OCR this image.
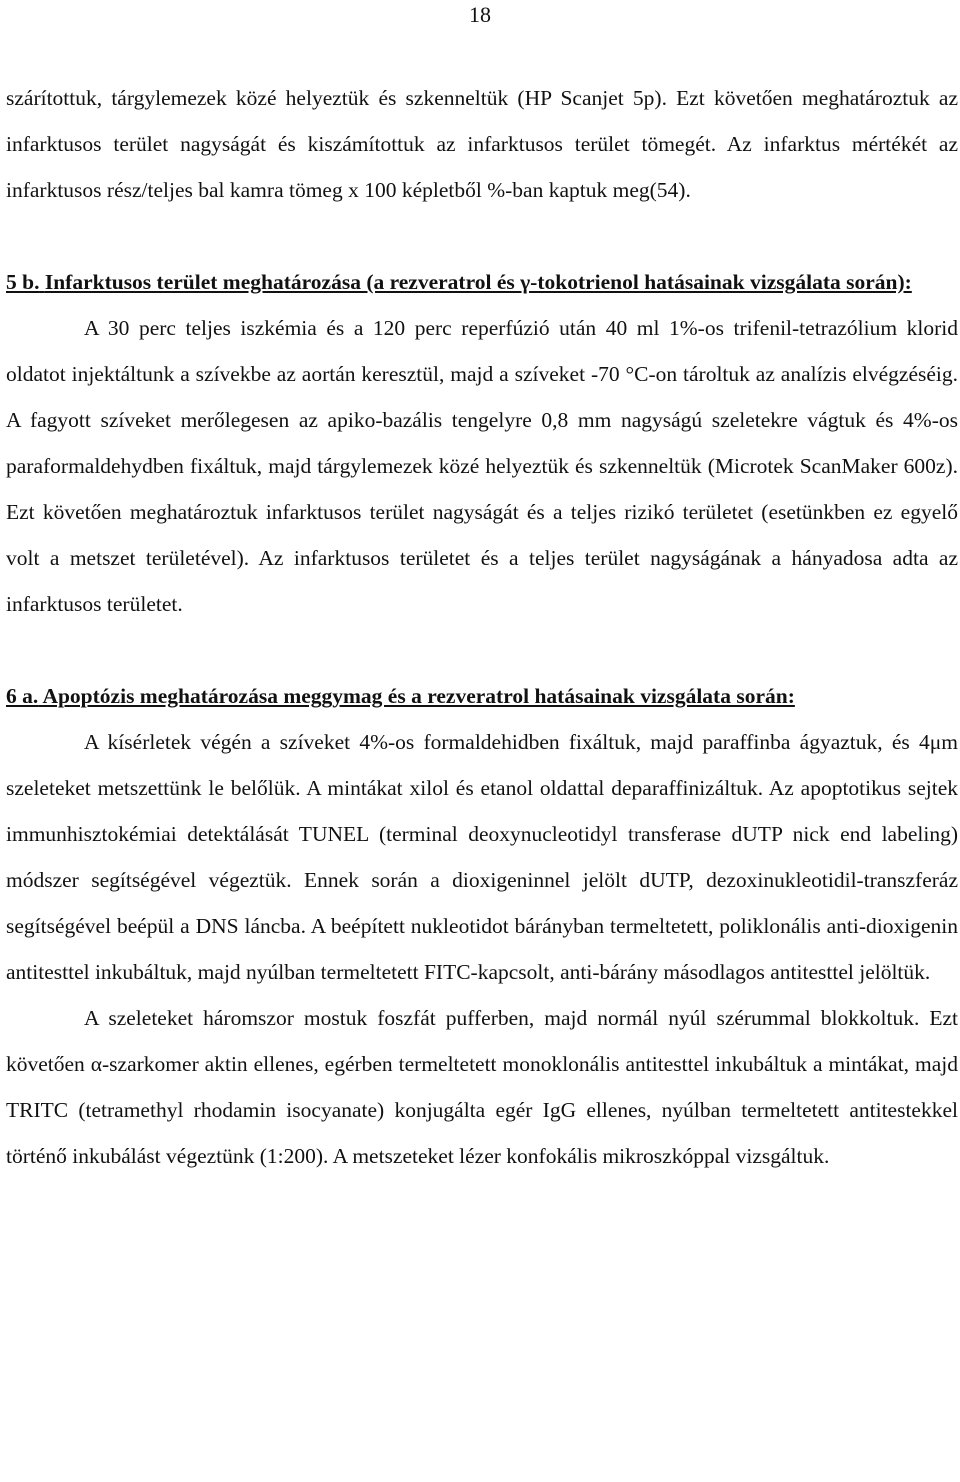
18

szárítottuk, tárgylemezek közé helyeztük és szkenneltük (HP Scanjet 5p). Ezt követően meghatároztuk az infarktusos terület nagyságát és kiszámítottuk az infarktusos terület tömegét. Az infarktus mértékét az infarktusos rész/teljes bal kamra tömeg x 100 képletből %-ban kaptuk meg(54).

5 b. Infarktusos terület meghatározása (a rezveratrol és γ-tokotrienol hatásainak vizsgálata során):

A 30 perc teljes iszkémia és a 120 perc reperfúzió után 40 ml 1%-os trifenil-tetrazólium klorid oldatot injektáltunk a szívekbe az aortán keresztül, majd a szíveket -70 °C-on tároltuk az analízis elvégzéséig. A fagyott szíveket merőlegesen az apiko-bazális tengelyre 0,8 mm nagyságú szeletekre vágtuk és 4%-os paraformaldehydben fixáltuk, majd tárgylemezek közé helyeztük és szkenneltük (Microtek ScanMaker 600z). Ezt követően meghatároztuk infarktusos terület nagyságát és a teljes rizikó területet (esetünkben ez egyelő volt a metszet területével). Az infarktusos területet és a teljes terület nagyságának a hányadosa adta az infarktusos területet.

6 a. Apoptózis meghatározása meggymag és a rezveratrol hatásainak vizsgálata során:

A kísérletek végén a szíveket 4%-os formaldehidben fixáltuk, majd paraffinba ágyaztuk, és 4μm szeleteket metszettünk le belőlük. A mintákat xilol és etanol oldattal deparaffinizáltuk. Az apoptotikus sejtek immunhisztokémiai detektálását TUNEL (terminal deoxynucleotidyl transferase dUTP nick end labeling) módszer segítségével végeztük. Ennek során a dioxigeninnel jelölt dUTP, dezoxinukleotidil-transzferáz segítségével beépül a DNS láncba. A beépített nukleotidot bárányban termeltetett, poliklonális anti-dioxigenin antitesttel inkubáltuk, majd nyúlban termeltetett FITC-kapcsolt, anti-bárány másodlagos antitesttel jelöltük.

A szeleteket háromszor mostuk foszfát pufferben, majd normál nyúl szérummal blokkoltuk. Ezt követően α-szarkomer aktin ellenes, egérben termeltetett monoklonális antitesttel inkubáltuk a mintákat, majd TRITC (tetramethyl rhodamin isocyanate) konjugálta egér IgG ellenes, nyúlban termeltetett antitestekkel történő inkubálást végeztünk (1:200). A metszeteket lézer konfokális mikroszkóppal vizsgáltuk.
